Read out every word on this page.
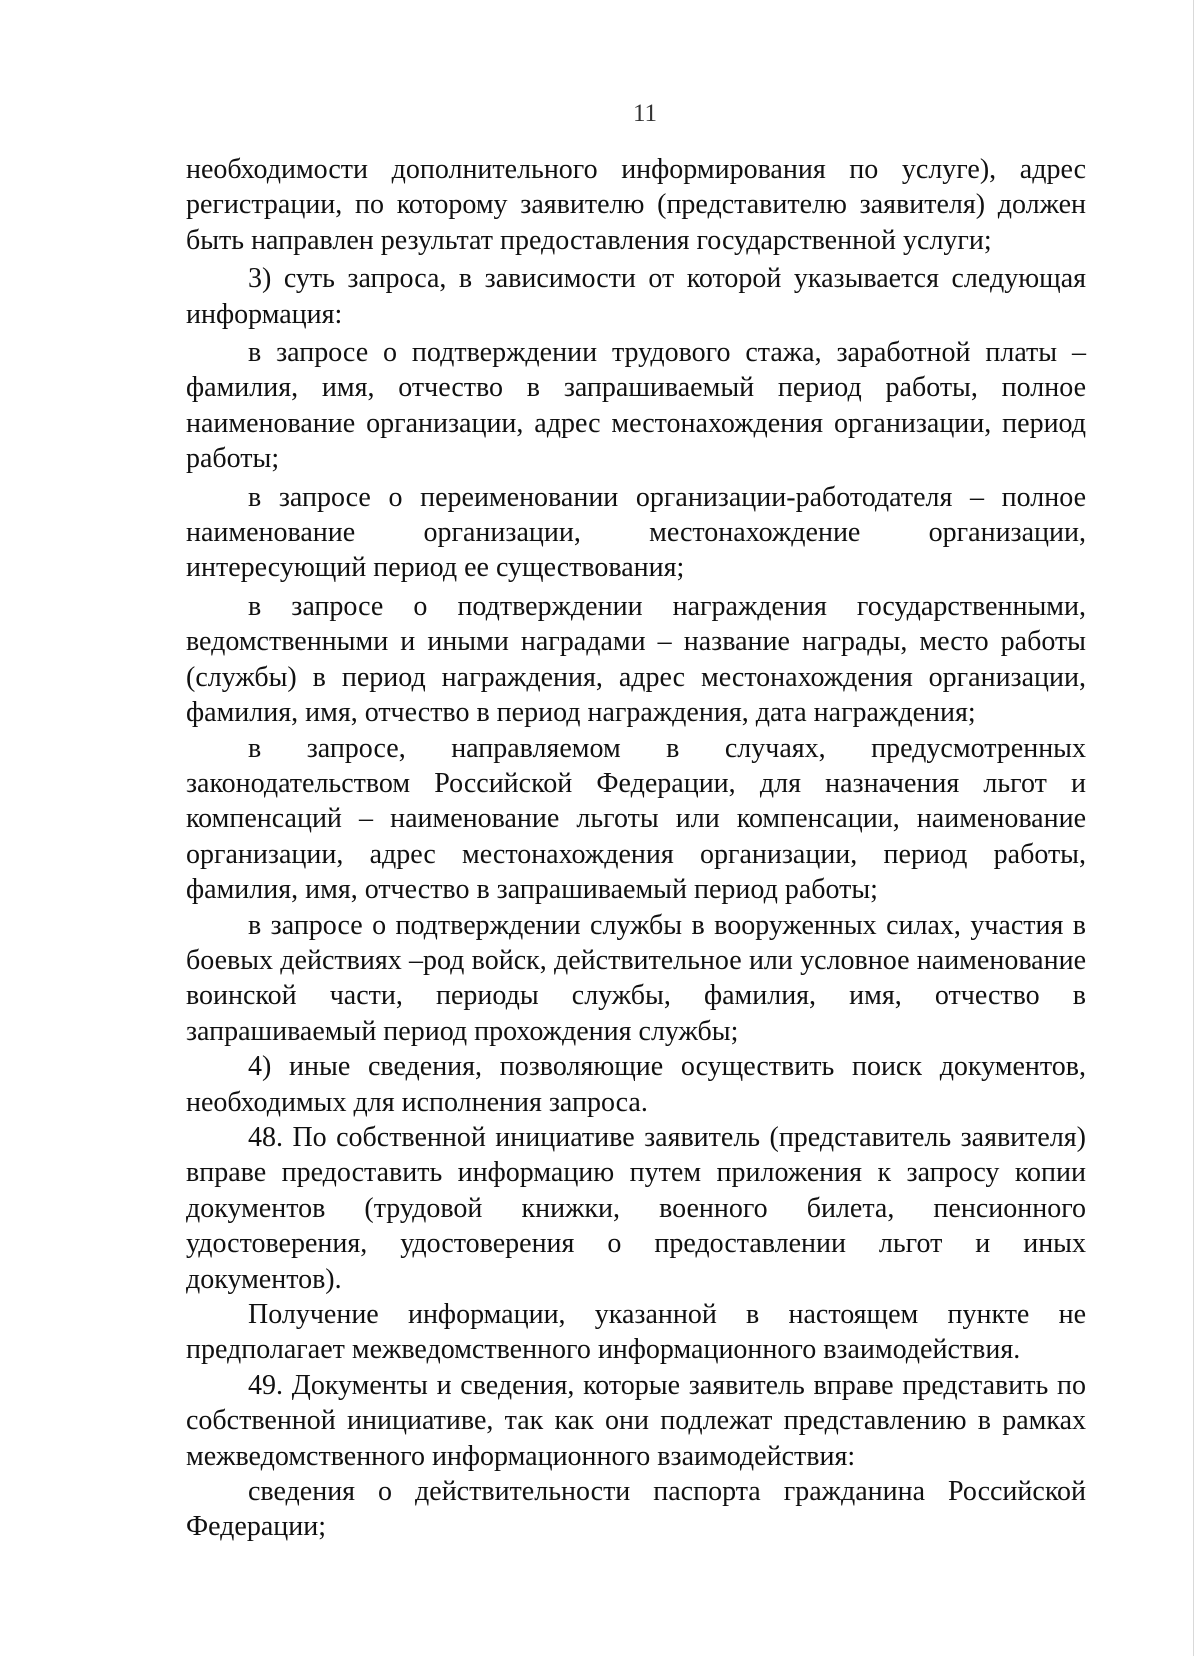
11

необходимости дополнительного информирования по услуге), адрес регистрации, по которому заявителю (представителю заявителя) должен быть направлен результат предоставления государственной услуги;

3) суть запроса, в зависимости от которой указывается следующая информация:

в запросе о подтверждении трудового стажа, заработной платы – фамилия, имя, отчество в запрашиваемый период работы, полное наименование организации, адрес местонахождения организации, период работы;

в запросе о переименовании организации-работодателя – полное наименование организации, местонахождение организации, интересующий период ее существования;

в запросе о подтверждении награждения государственными, ведомственными и иными наградами – название награды, место работы (службы) в период награждения, адрес местонахождения организации, фамилия, имя, отчество в период награждения, дата награждения;

в запросе, направляемом в случаях, предусмотренных законодательством Российской Федерации, для назначения льгот и компенсаций – наименование льготы или компенсации, наименование организации, адрес местонахождения организации, период работы, фамилия, имя, отчество в запрашиваемый период работы;

в запросе о подтверждении службы в вооруженных силах, участия в боевых действиях –род войск, действительное или условное наименование воинской части, периоды службы, фамилия, имя, отчество в запрашиваемый период прохождения службы;

4) иные сведения, позволяющие осуществить поиск документов, необходимых для исполнения запроса.

48. По собственной инициативе заявитель (представитель заявителя) вправе предоставить информацию путем приложения к запросу копии документов (трудовой книжки, военного билета, пенсионного удостоверения, удостоверения о предоставлении льгот и иных документов).

Получение информации, указанной в настоящем пункте не предполагает межведомственного информационного взаимодействия.

49. Документы и сведения, которые заявитель вправе представить по собственной инициативе, так как они подлежат представлению в рамках межведомственного информационного взаимодействия:

сведения о действительности паспорта гражданина Российской Федерации;
